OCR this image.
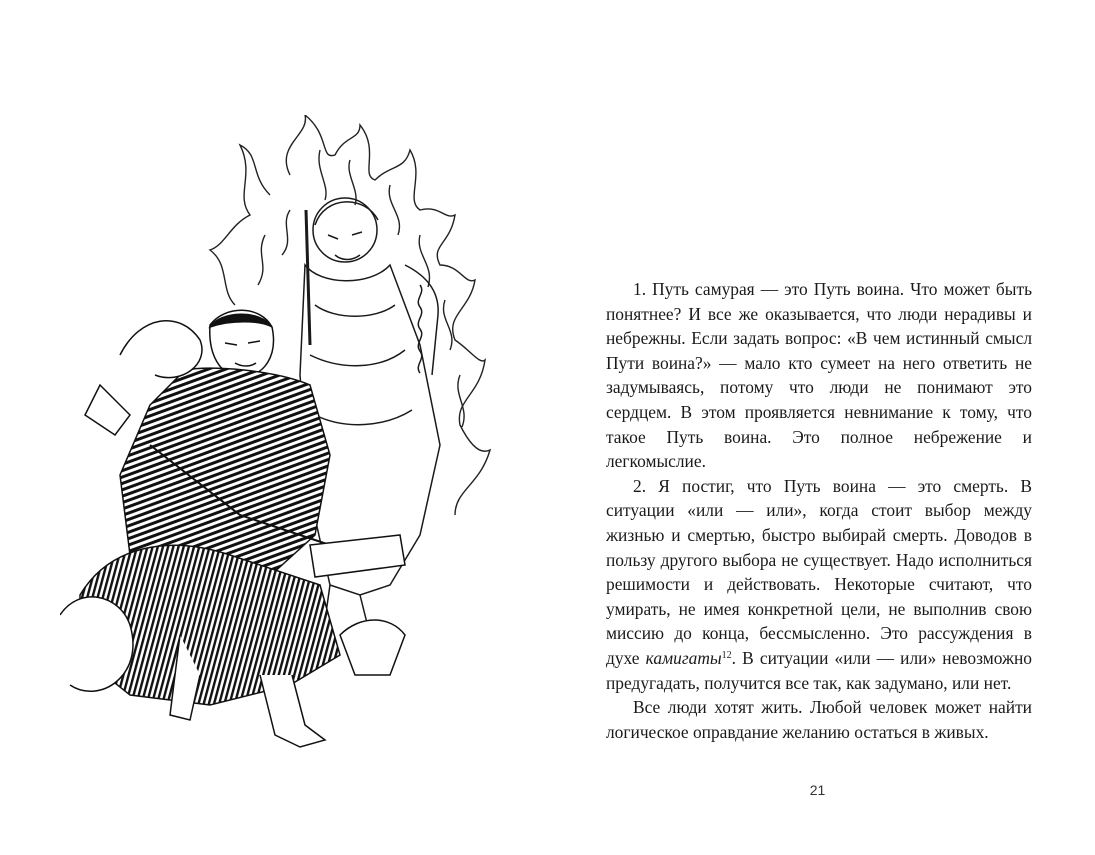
1. Путь самурая — это Путь воина. Что может быть понятнее? И все же оказывается, что люди нерадивы и небрежны. Если задать вопрос: «В чем истинный смысл Пути воина?» — мало кто сумеет на него ответить не задумываясь, потому что люди не понимают это сердцем. В этом проявляется невнимание к тому, что такое Путь воина. Это полное небрежение и легкомыслие.

2. Я постиг, что Путь воина — это смерть. В ситуации «или — или», когда стоит выбор между жизнью и смертью, быстро выбирай смерть. Доводов в пользу другого выбора не существует. Надо исполниться решимости и действовать. Некоторые считают, что умирать, не имея конкретной цели, не выполнив свою миссию до конца, бессмысленно. Это рассуждения в духе камигаты$^{12}$. В ситуации «или — или» невозможно предугадать, получится все так, как задумано, или нет.

Все люди хотят жить. Любой человек может найти логическое оправдание желанию остаться в живых.

21
